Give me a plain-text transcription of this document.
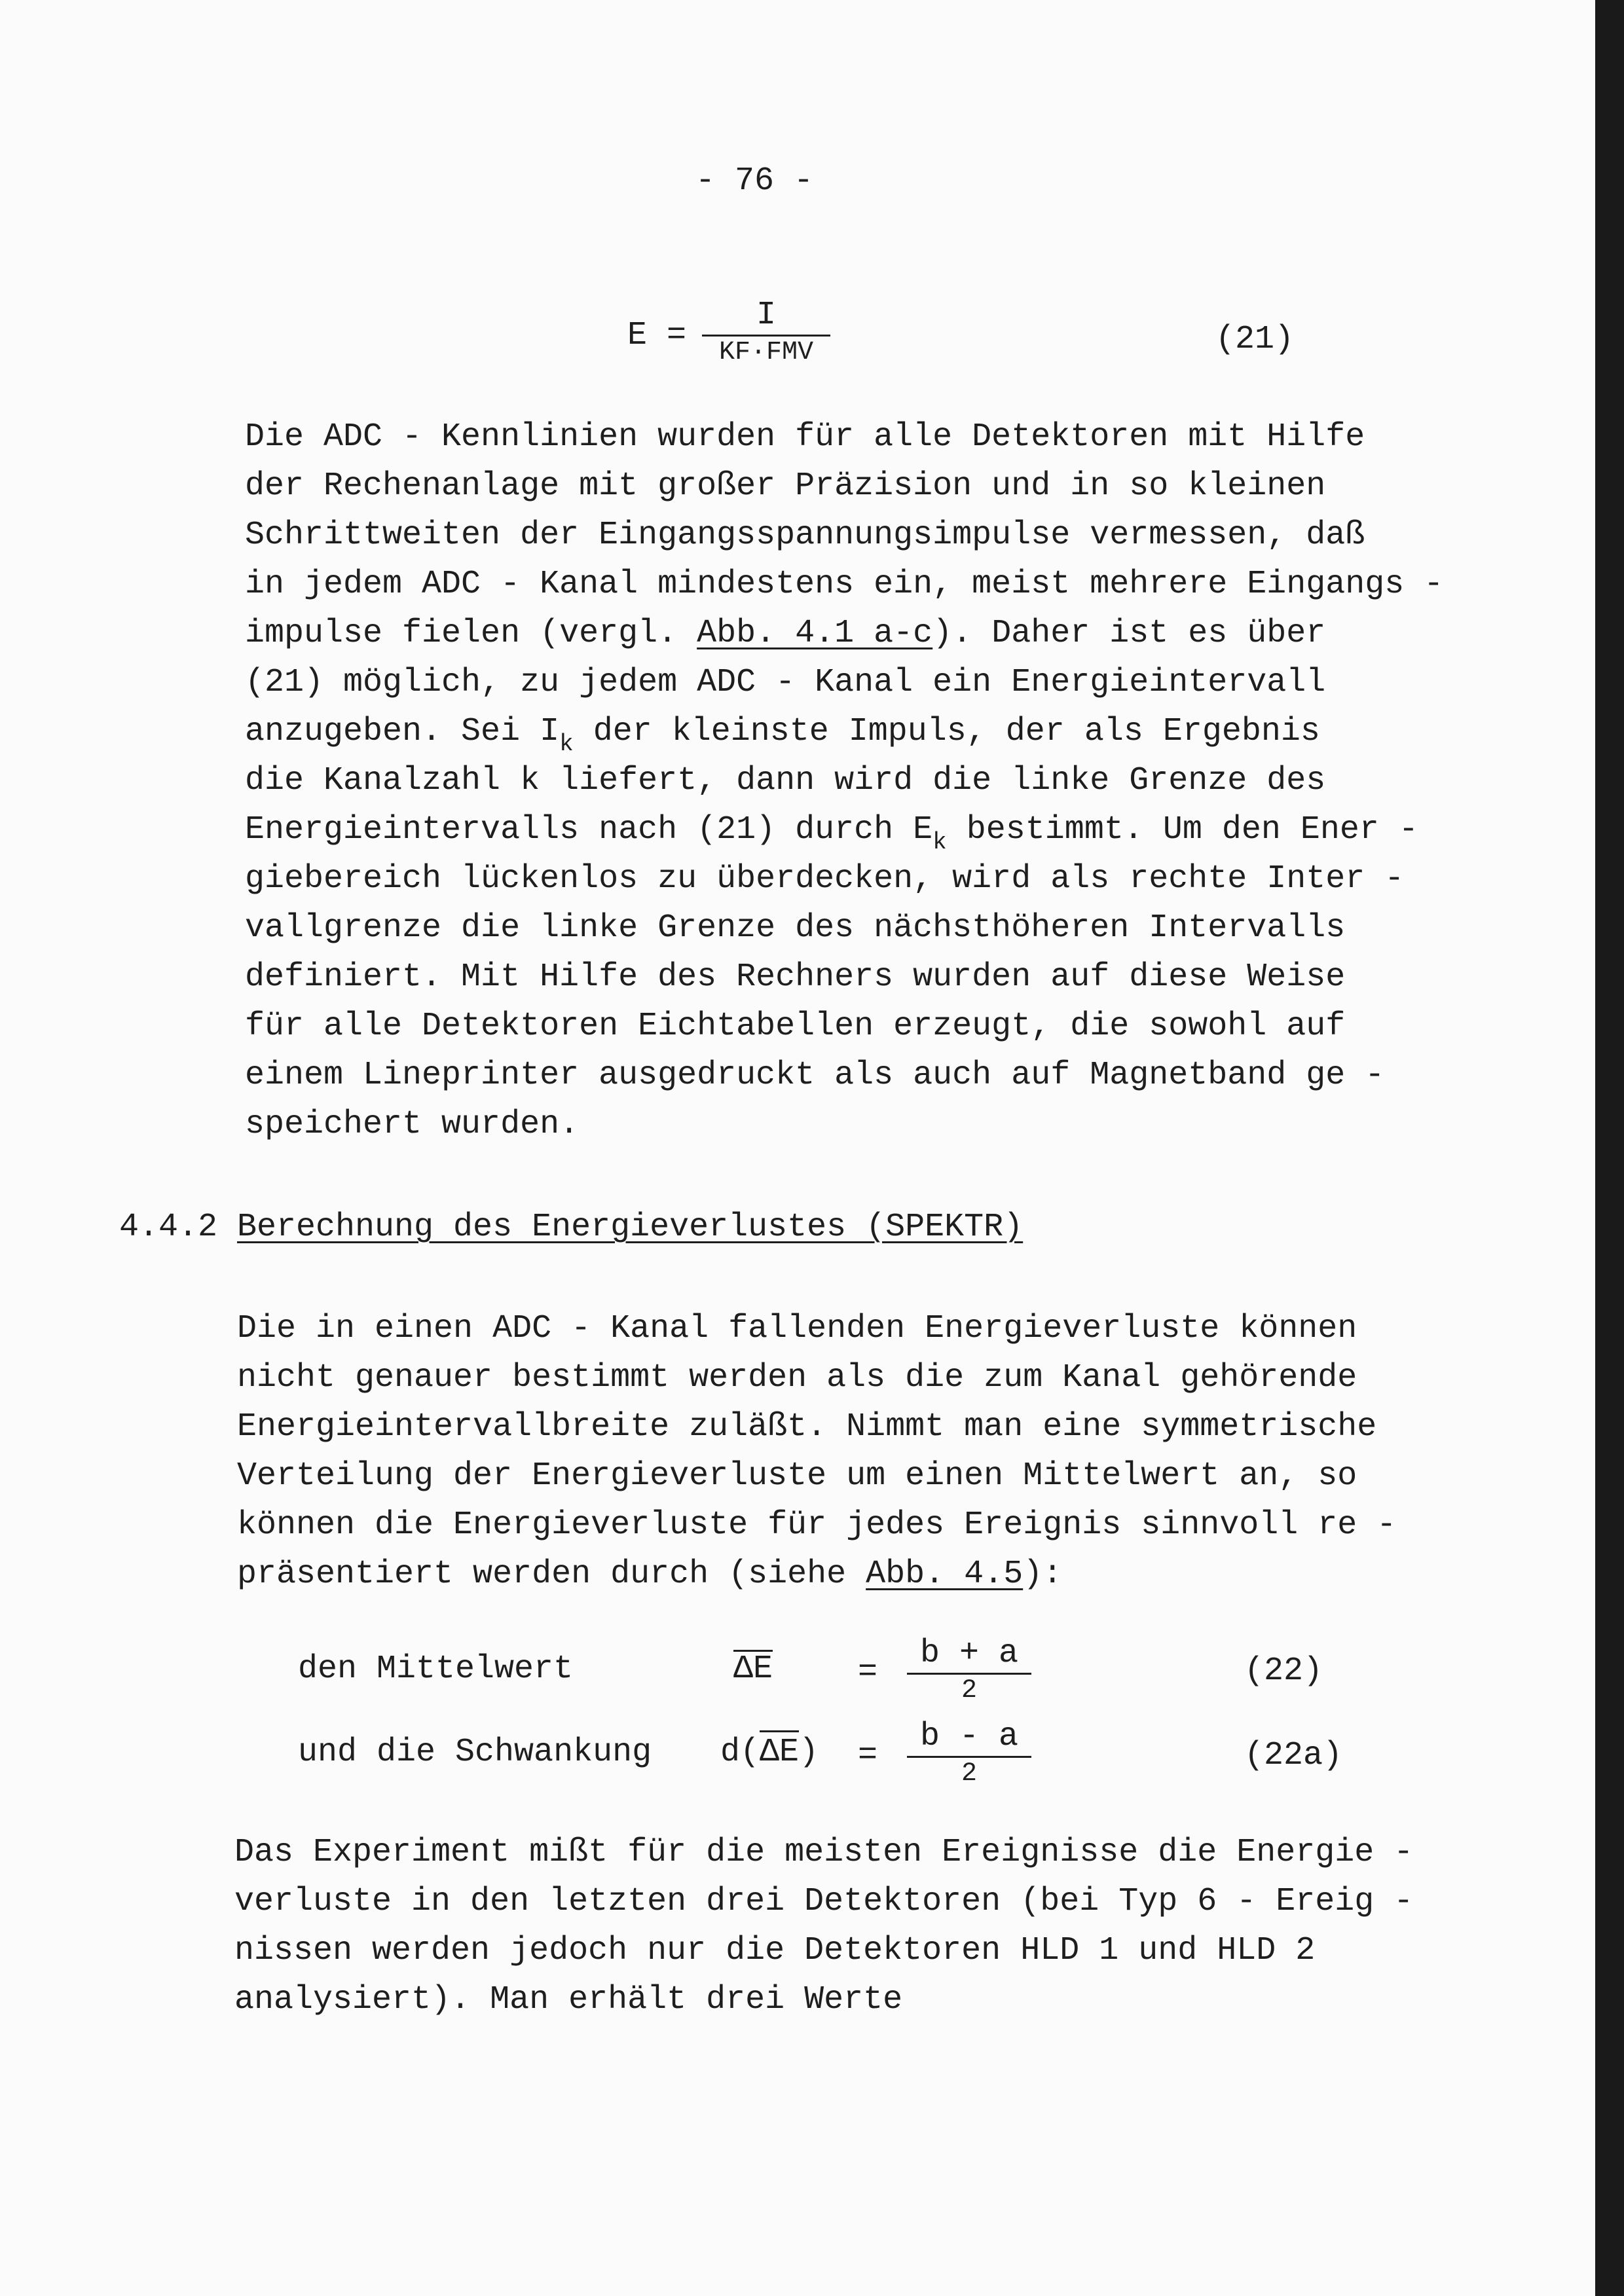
- 76 -
E =
I
KF·FMV	(21)
Die ADC - Kennlinien wurden für alle Detektoren mit Hilfe
der Rechenanlage mit großer Präzision und in so kleinen
Schrittweiten der Eingangsspannungsimpulse vermessen, daß
in jedem ADC - Kanal mindestens ein, meist mehrere Eingangs -
impulse fielen (vergl. Abb. 4.1 a-c). Daher ist es über
(21) möglich, zu jedem ADC - Kanal ein Energieintervall
anzugeben. Sei $I_k$ der kleinste Impuls, der als Ergebnis
die Kanalzahl k liefert, dann wird die linke Grenze des
Energieintervalls nach (21) durch $E_k$ bestimmt. Um den Ener -
giebereich lückenlos zu überdecken, wird als rechte Inter -
vallgrenze die linke Grenze des nächsthöheren Intervalls
definiert. Mit Hilfe des Rechners wurden auf diese Weise
für alle Detektoren Eichtabellen erzeugt, die sowohl auf
einem Lineprinter ausgedruckt als auch auf Magnetband ge -
speichert wurden.
4.4.2 Berechnung des Energieverlustes (SPEKTR)
Die in einen ADC - Kanal fallenden Energieverluste können
nicht genauer bestimmt werden als die zum Kanal gehörende
Energieintervallbreite zuläßt. Nimmt man eine symmetrische
Verteilung der Energieverluste um einen Mittelwert an, so
können die Energieverluste für jedes Ereignis sinnvoll re -
präsentiert werden durch (siehe Abb. 4.5):
den Mittelwert	ΔE	=
b + a
2
(22)
und die Schwankung d(ΔE) =
b - a
2	(22a)
Das Experiment mißt für die meisten Ereignisse die Energie -
verluste in den letzten drei Detektoren (bei Typ 6 - Ereig -
nissen werden jedoch nur die Detektoren HLD 1 und HLD 2
analysiert). Man erhält drei Werte
